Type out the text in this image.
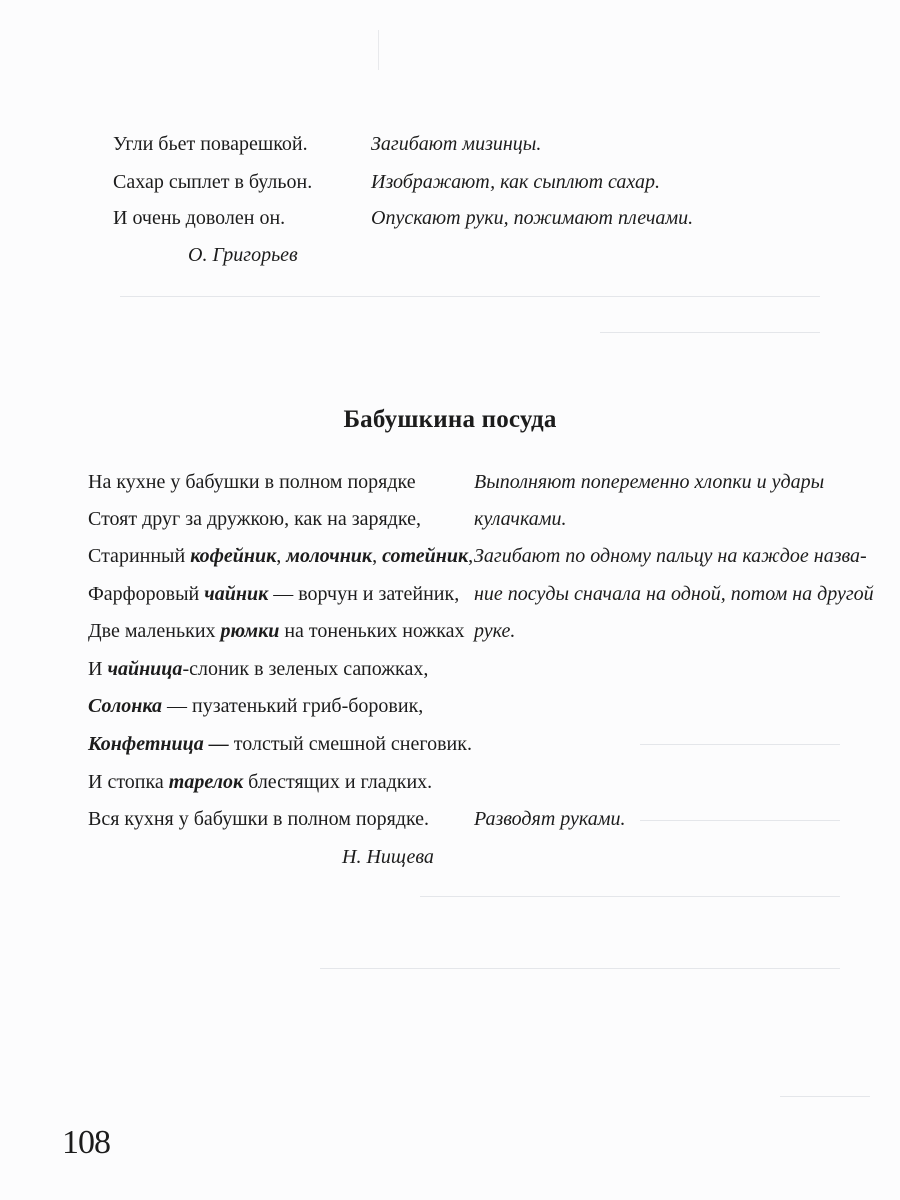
Угли бьет поварешкой.
Сахар сыплет в бульон.
И очень доволен он.
Загибают мизинцы.
Изображают, как сыплют сахар.
Опускают руки, пожимают плечами.
О. Григорьев
Бабушкина посуда
На кухне у бабушки в полном порядке
Стоят друг за дружкою, как на зарядке,
Старинный кофейник, молочник, сотейник,
Фарфоровый чайник — ворчун и затейник,
Две маленьких рюмки на тоненьких ножках
И чайница-слоник в зеленых сапожках,
Солонка — пузатенький гриб-боровик,
Конфетница — толстый смешной снеговик.
И стопка тарелок блестящих и гладких.
Вся кухня у бабушки в полном порядке.
Выполняют попеременно хлопки и удары
кулачками.
Загибают по одному пальцу на каждое назва-
ние посуды сначала на одной, потом на другой
руке.
Разводят руками.
Н. Нищева
108
